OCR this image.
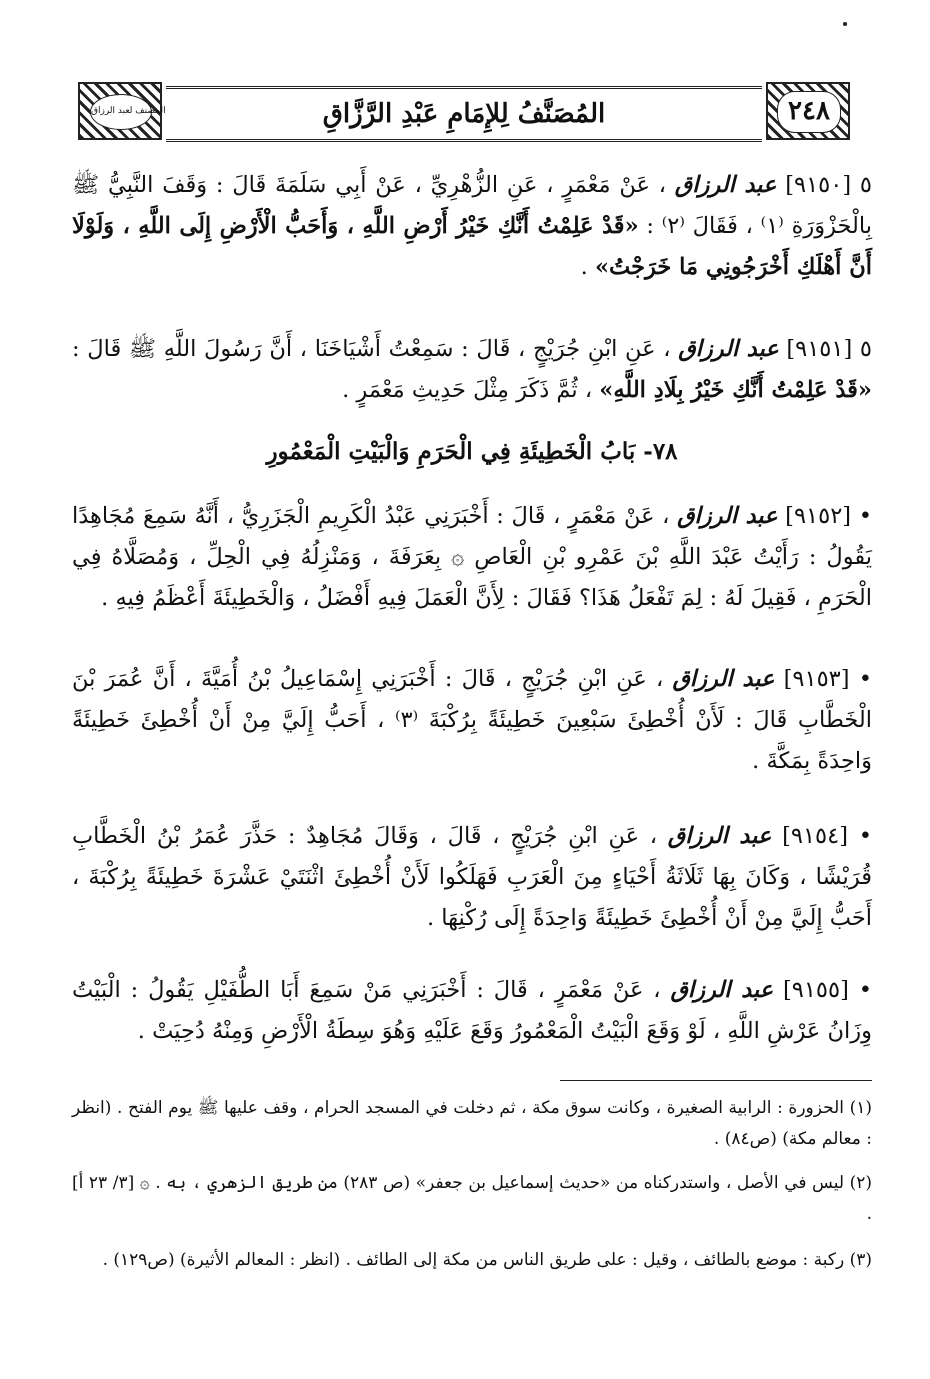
المصنف لعبد الرزاق	المُصَنَّفُ لِلإِمَامِ عَبْدِ الرَّزَّاقِ	٢٤٨

٥ [٩١٥٠] عبد الرزاق ، عَنْ مَعْمَرٍ ، عَنِ الزُّهْرِيِّ ، عَنْ أَبِي سَلَمَةَ قَالَ : وَقَفَ النَّبِيُّ ﷺ بِالْحَزْوَرَةِ ⁽١⁾ ، فَقَالَ ⁽٢⁾ : «قَدْ عَلِمْتُ أَنَّكِ خَيْرُ أَرْضِ اللَّهِ ، وَأَحَبُّ الْأَرْضِ إِلَى اللَّهِ ، وَلَوْلَا أَنَّ أَهْلَكِ أَخْرَجُونِي مَا خَرَجْتُ» .

٥ [٩١٥١] عبد الرزاق ، عَنِ ابْنِ جُرَيْجٍ ، قَالَ : سَمِعْتُ أَشْيَاخَنَا ، أَنَّ رَسُولَ اللَّهِ ﷺ قَالَ : «قَدْ عَلِمْتُ أَنَّكِ خَيْرُ بِلَادِ اللَّهِ» ، ثُمَّ ذَكَرَ مِثْلَ حَدِيثِ مَعْمَرٍ .

٧٨- بَابُ الْخَطِيئَةِ فِي الْحَرَمِ وَالْبَيْتِ الْمَعْمُورِ

• [٩١٥٢] عبد الرزاق ، عَنْ مَعْمَرٍ ، قَالَ : أَخْبَرَنِي عَبْدُ الْكَرِيمِ الْجَزَرِيُّ ، أَنَّهُ سَمِعَ مُجَاهِدًا يَقُولُ : رَأَيْتُ عَبْدَ اللَّهِ بْنَ عَمْرِو بْنِ الْعَاصِ ۞ بِعَرَفَةَ ، وَمَنْزِلُهُ فِي الْحِلِّ ، وَمُصَلَّاهُ فِي الْحَرَمِ ، فَقِيلَ لَهُ : لِمَ تَفْعَلُ هَذَا؟ فَقَالَ : لِأَنَّ الْعَمَلَ فِيهِ أَفْضَلُ ، وَالْخَطِيئَةَ أَعْظَمُ فِيهِ .

• [٩١٥٣] عبد الرزاق ، عَنِ ابْنِ جُرَيْجٍ ، قَالَ : أَخْبَرَنِي إِسْمَاعِيلُ بْنُ أُمَيَّةَ ، أَنَّ عُمَرَ بْنَ الْخَطَّابِ قَالَ : لَأَنْ أُخْطِئَ سَبْعِينَ خَطِيئَةً بِرُكْبَةَ ⁽٣⁾ ، أَحَبُّ إِلَيَّ مِنْ أَنْ أُخْطِئَ خَطِيئَةً وَاحِدَةً بِمَكَّةَ .

• [٩١٥٤] عبد الرزاق ، عَنِ ابْنِ جُرَيْجٍ ، قَالَ ، وَقَالَ مُجَاهِدٌ : حَذَّرَ عُمَرُ بْنُ الْخَطَّابِ قُرَيْشًا ، وَكَانَ بِهَا ثَلَاثَةُ أَحْيَاءٍ مِنَ الْعَرَبِ فَهَلَكُوا لَأَنْ أُخْطِئَ اثْنَتَيْ عَشْرَةَ خَطِيئَةً بِرُكْبَةَ ، أَحَبُّ إِلَيَّ مِنْ أَنْ أُخْطِئَ خَطِيئَةً وَاحِدَةً إِلَى رُكْنِهَا .

• [٩١٥٥] عبد الرزاق ، عَنْ مَعْمَرٍ ، قَالَ : أَخْبَرَنِي مَنْ سَمِعَ أَبَا الطُّفَيْلِ يَقُولُ : الْبَيْتُ وِزَانُ عَرْشِ اللَّهِ ، لَوْ وَقَعَ الْبَيْتُ الْمَعْمُورُ وَقَعَ عَلَيْهِ وَهُوَ سِطَةُ الْأَرْضِ وَمِنْهُ دُحِيَتْ .

(١) الحزورة : الرابية الصغيرة ، وكانت سوق مكة ، ثم دخلت في المسجد الحرام ، وقف عليها ﷺ يوم الفتح . (انظر : معالم مكة) (ص٨٤) .

(٢) ليس في الأصل ، واستدركناه من «حديث إسماعيل بن جعفر» (ص ٢٨٣) من طريق الزهري ، به . ۞ [٣/ ٢٣ أ] .

(٣) ركبة : موضع بالطائف ، وقيل : على طريق الناس من مكة إلى الطائف . (انظر : المعالم الأثيرة) (ص١٢٩) .
